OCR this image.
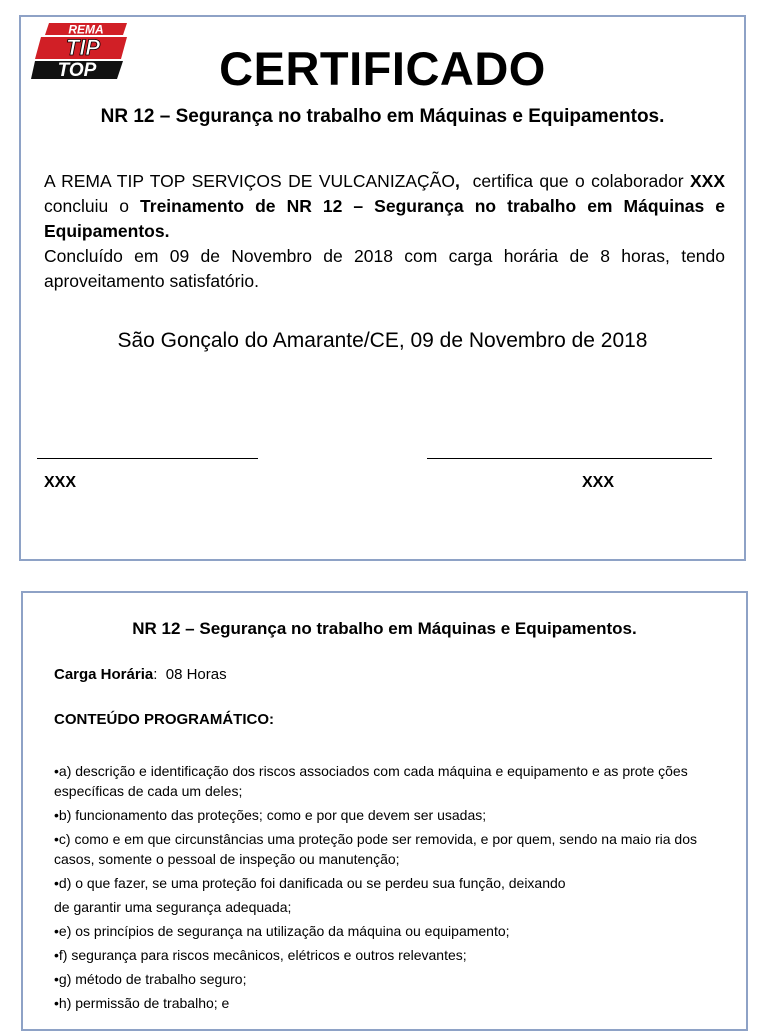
REMA
TIP
TOP	CERTIFICADO
NR 12 – Segurança no trabalho em Máquinas e Equipamentos.

A REMA TIP TOP SERVIÇOS DE VULCANIZAÇÃO,  certifica que o colaborador XXX  concluiu o Treinamento de NR 12 – Segurança no trabalho em Máquinas e Equipamentos.

Concluído em 09 de Novembro de 2018 com carga horária de 8 horas, tendo aproveitamento satisfatório.

São Gonçalo do Amarante/CE, 09 de Novembro de 2018
XXX	XXX
NR 12 – Segurança no trabalho em Máquinas e Equipamentos.
Carga Horária:  08 Horas
CONTEÚDO PROGRAMÁTICO:
•a) descrição e identificação dos riscos associados com cada máquina e equipamento e as prote ções específicas de cada um deles;
•b) funcionamento das proteções; como e por que devem ser usadas;
•c) como e em que circunstâncias uma proteção pode ser removida, e por quem, sendo na maio ria dos casos, somente o pessoal de inspeção ou manutenção;
•d) o que fazer, se uma proteção foi danificada ou se perdeu sua função, deixando
de garantir uma segurança adequada;
•e) os princípios de segurança na utilização da máquina ou equipamento;
•f) segurança para riscos mecânicos, elétricos e outros relevantes;
•g) método de trabalho seguro;
•h) permissão de trabalho; e
